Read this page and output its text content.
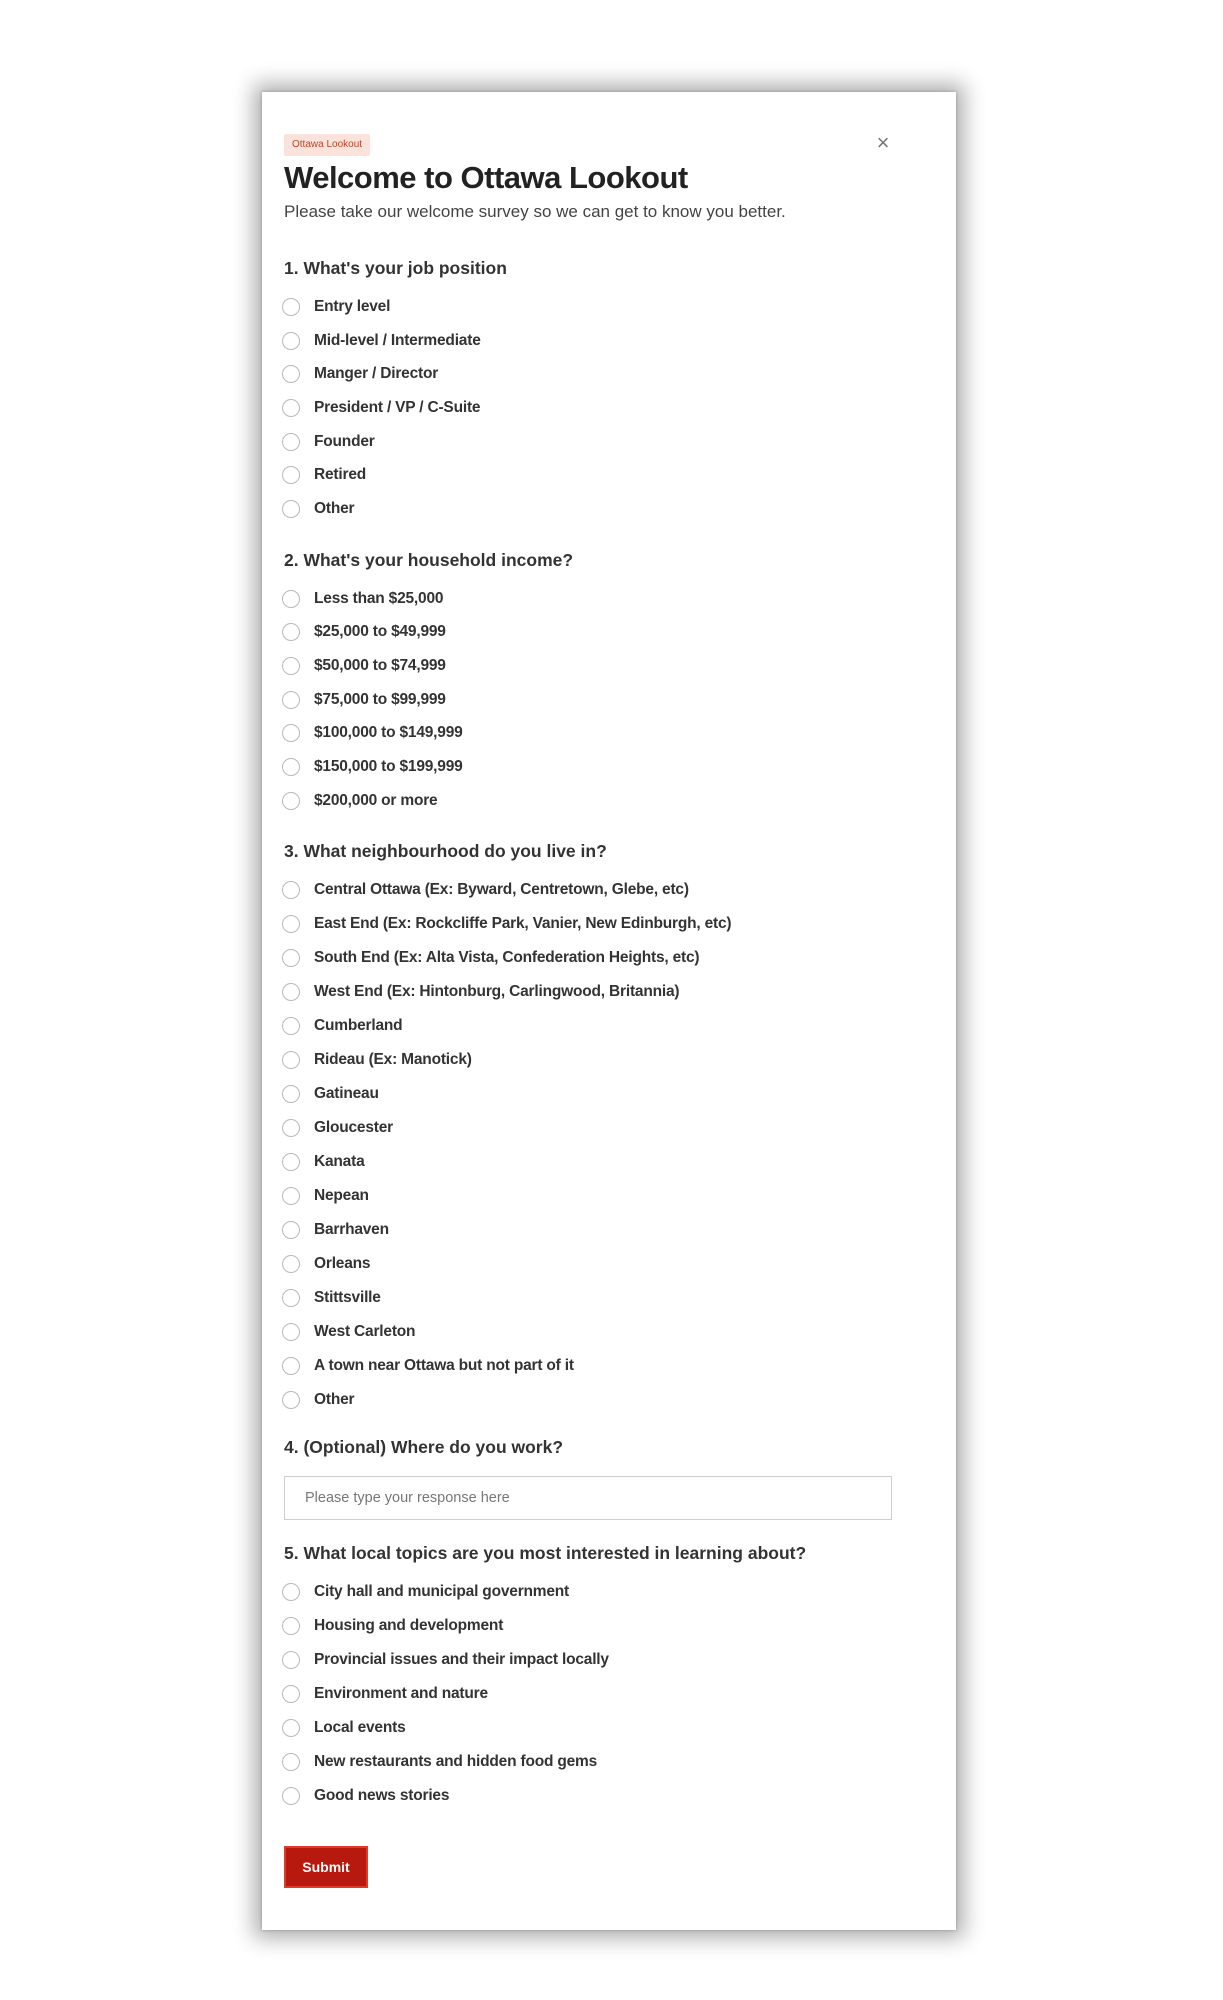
Ottawa Lookout	×
Welcome to Ottawa Lookout
Please take our welcome survey so we can get to know you better.
1. What's your job position
Entry level
Mid-level / Intermediate
Manger / Director
President / VP / C-Suite
Founder
Retired
Other
2. What's your household income?
Less than $25,000
$25,000 to $49,999
$50,000 to $74,999
$75,000 to $99,999
$100,000 to $149,999
$150,000 to $199,999
$200,000 or more
3. What neighbourhood do you live in?
Central Ottawa (Ex: Byward, Centretown, Glebe, etc)
East End (Ex: Rockcliffe Park, Vanier, New Edinburgh, etc)
South End (Ex: Alta Vista, Confederation Heights, etc)
West End (Ex: Hintonburg, Carlingwood, Britannia)
Cumberland
Rideau (Ex: Manotick)
Gatineau
Gloucester
Kanata
Nepean
Barrhaven
Orleans
Stittsville
West Carleton
A town near Ottawa but not part of it
Other
4. (Optional) Where do you work?
Please type your response here
5. What local topics are you most interested in learning about?
City hall and municipal government
Housing and development
Provincial issues and their impact locally
Environment and nature
Local events
New restaurants and hidden food gems
Good news stories
Submit
